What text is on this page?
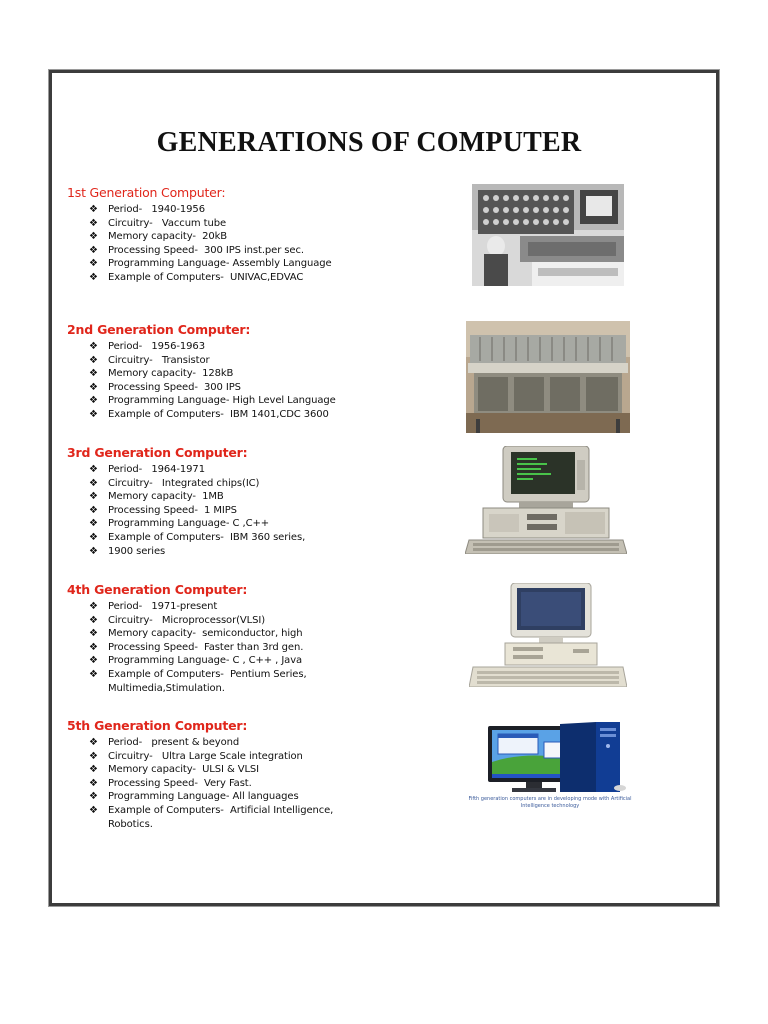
GENERATIONS OF COMPUTER
1st Generation Computer:
❖ Period- 1940-1956
❖ Circuitry- Vaccum tube
❖ Memory capacity- 20kB
❖ Processing Speed- 300 IPS inst.per sec.
❖ Programming Language- Assembly Language
❖ Example of Computers- UNIVAC,EDVAC
2nd Generation Computer:
❖ Period- 1956-1963
❖ Circuitry- Transistor
❖ Memory capacity- 128kB
❖ Processing Speed- 300 IPS
❖ Programming Language- High Level Language
❖ Example of Computers- IBM 1401,CDC 3600
3rd Generation Computer:
❖ Period- 1964-1971
❖ Circuitry- Integrated chips(IC)
❖ Memory capacity- 1MB
❖ Processing Speed- 1 MIPS
❖ Programming Language- C ,C++
❖ Example of Computers- IBM 360 series,
❖ 1900 series
4th Generation Computer:
❖ Period- 1971-present
❖ Circuitry- Microprocessor(VLSI)
❖ Memory capacity- semiconductor, high
❖ Processing Speed- Faster than 3rd gen.
❖ Programming Language- C , C++ , Java
❖ Example of Computers- Pentium Series, Multimedia,Stimulation.
5th Generation Computer:
❖ Period- present & beyond
❖ Circuitry- Ultra Large Scale integration
❖ Memory capacity- ULSI & VLSI
❖ Processing Speed- Very Fast.
❖ Programming Language- All languages
❖ Example of Computers- Artificial Intelligence, Robotics.
Fifth generation computers are in developing mode with Artificial Intelligence technology
